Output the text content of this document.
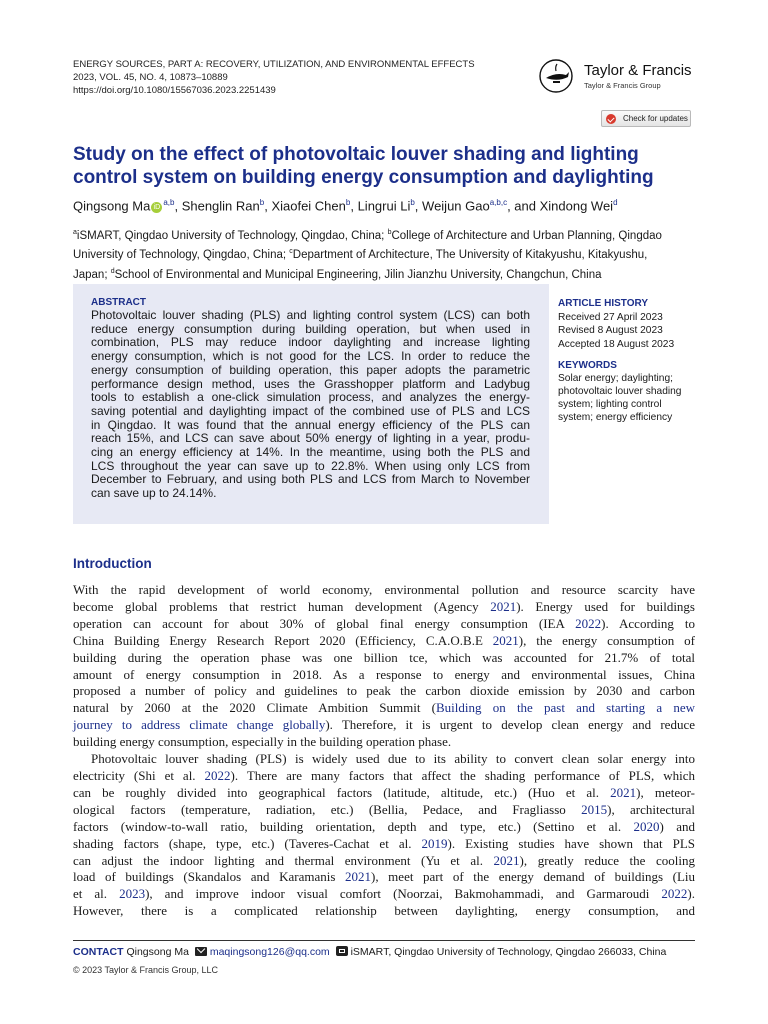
ENERGY SOURCES, PART A: RECOVERY, UTILIZATION, AND ENVIRONMENTAL EFFECTS
2023, VOL. 45, NO. 4, 10873–10889
https://doi.org/10.1080/15567036.2023.2251439
Taylor & Francis
Taylor & Francis Group
Check for updates
Study on the effect of photovoltaic louver shading and lighting
control system on building energy consumption and daylighting
Qingsong Ma iD$^{a,b}$, Shenglin Ran$^b$, Xiaofei Chen$^b$, Lingrui Li$^b$, Weijun Gao$^{a,b,c}$, and Xindong Wei$^d$
$^a$iSMART, Qingdao University of Technology, Qingdao, China; $^b$College of Architecture and Urban Planning, Qingdao
University of Technology, Qingdao, China; $^c$Department of Architecture, The University of Kitakyushu, Kitakyushu,
Japan; $^d$School of Environmental and Municipal Engineering, Jilin Jianzhu University, Changchun, China
ABSTRACT
Photovoltaic louver shading (PLS) and lighting control system (LCS) can both
reduce energy consumption during building operation, but when used in
combination, PLS may reduce indoor daylighting and increase lighting
energy consumption, which is not good for the LCS. In order to reduce the
energy consumption of building operation, this paper adopts the parametric
performance design method, uses the Grasshopper platform and Ladybug
tools to establish a one-click simulation process, and analyzes the energy-
saving potential and daylighting impact of the combined use of PLS and LCS
in Qingdao. It was found that the annual energy efficiency of the PLS can
reach 15%, and LCS can save about 50% energy of lighting in a year, produ-
cing an energy efficiency at 14%. In the meantime, using both the PLS and
LCS throughout the year can save up to 22.8%. When using only LCS from
December to February, and using both PLS and LCS from March to November
can save up to 24.14%.
ARTICLE HISTORY
Received 27 April 2023
Revised 8 August 2023
Accepted 18 August 2023
KEYWORDS
Solar energy; daylighting;
photovoltaic louver shading
system; lighting control
system; energy efficiency
Introduction
With the rapid development of world economy, environmental pollution and resource scarcity have
become global problems that restrict human development (Agency 2021). Energy used for buildings
operation can account for about 30% of global final energy consumption (IEA 2022). According to
China Building Energy Research Report 2020 (Efficiency, C.A.O.B.E 2021), the energy consumption of
building during the operation phase was one billion tce, which was accounted for 21.7% of total
amount of energy consumption in 2018. As a response to energy and environmental issues, China
proposed a number of policy and guidelines to peak the carbon dioxide emission by 2030 and carbon
natural by 2060 at the 2020 Climate Ambition Summit (Building on the past and starting a new
journey to address climate change globally). Therefore, it is urgent to develop clean energy and reduce
building energy consumption, especially in the building operation phase.
Photovoltaic louver shading (PLS) is widely used due to its ability to convert clean solar energy into
electricity (Shi et al. 2022). There are many factors that affect the shading performance of PLS, which
can be roughly divided into geographical factors (latitude, altitude, etc.) (Huo et al. 2021), meteor-
ological factors (temperature, radiation, etc.) (Bellia, Pedace, and Fragliasso 2015), architectural
factors (window-to-wall ratio, building orientation, depth and type, etc.) (Settino et al. 2020) and
shading factors (shape, type, etc.) (Taveres-Cachat et al. 2019). Existing studies have shown that PLS
can adjust the indoor lighting and thermal environment (Yu et al. 2021), greatly reduce the cooling
load of buildings (Skandalos and Karamanis 2021), meet part of the energy demand of buildings (Liu
et al. 2023), and improve indoor visual comfort (Noorzai, Bakmohammadi, and Garmaroudi 2022).
However, there is a complicated relationship between daylighting, energy consumption, and
CONTACT Qingsong Ma maqingsong126@qq.com iSMART, Qingdao University of Technology, Qingdao 266033, China
© 2023 Taylor & Francis Group, LLC
